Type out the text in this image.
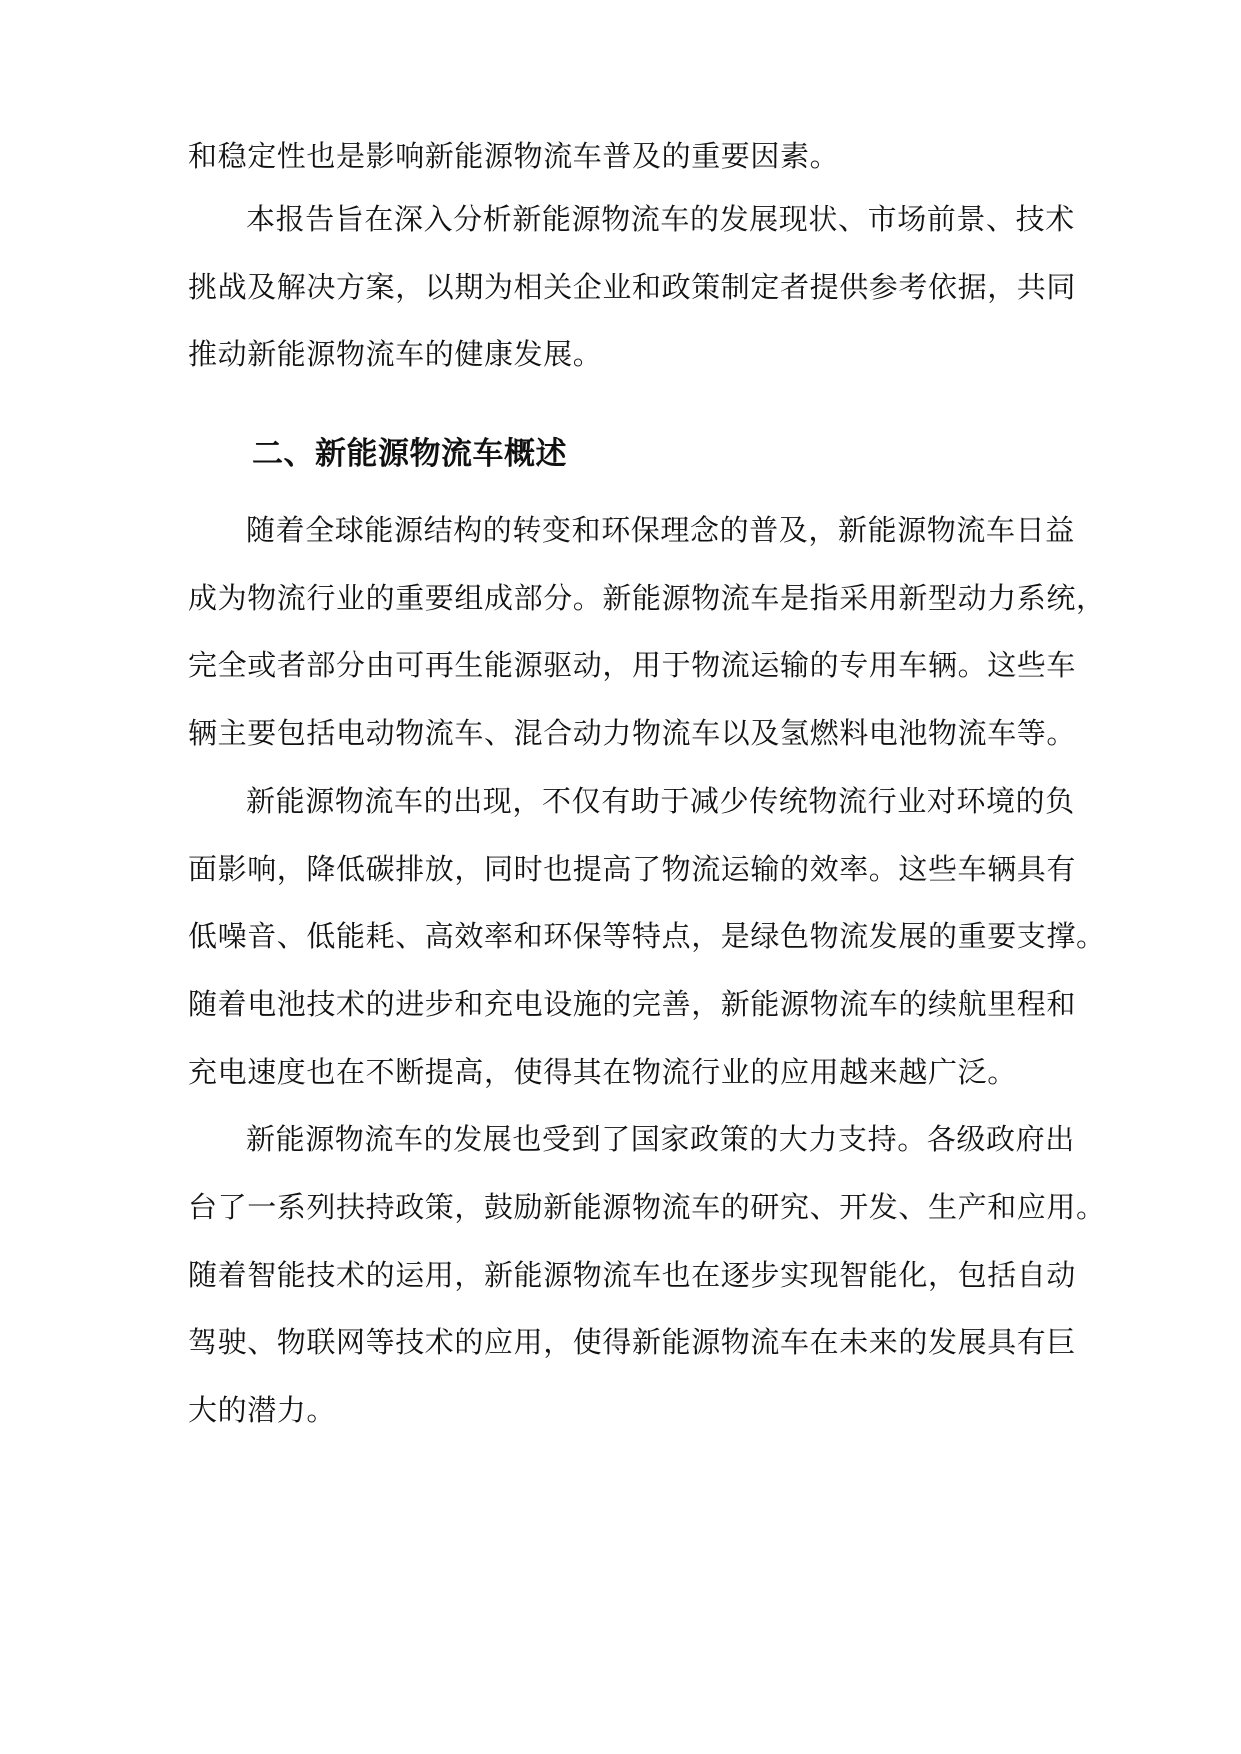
和稳定性也是影响新能源物流车普及的重要因素。
本报告旨在深入分析新能源物流车的发展现状、市场前景、技术
挑战及解决方案，以期为相关企业和政策制定者提供参考依据，共同
推动新能源物流车的健康发展。
二、新能源物流车概述
随着全球能源结构的转变和环保理念的普及，新能源物流车日益
成为物流行业的重要组成部分。新能源物流车是指采用新型动力系统，
完全或者部分由可再生能源驱动，用于物流运输的专用车辆。这些车
辆主要包括电动物流车、混合动力物流车以及氢燃料电池物流车等。
新能源物流车的出现，不仅有助于减少传统物流行业对环境的负
面影响，降低碳排放，同时也提高了物流运输的效率。这些车辆具有
低噪音、低能耗、高效率和环保等特点，是绿色物流发展的重要支撑。
随着电池技术的进步和充电设施的完善，新能源物流车的续航里程和
充电速度也在不断提高，使得其在物流行业的应用越来越广泛。
新能源物流车的发展也受到了国家政策的大力支持。各级政府出
台了一系列扶持政策，鼓励新能源物流车的研究、开发、生产和应用。
随着智能技术的运用，新能源物流车也在逐步实现智能化，包括自动
驾驶、物联网等技术的应用，使得新能源物流车在未来的发展具有巨
大的潜力。
